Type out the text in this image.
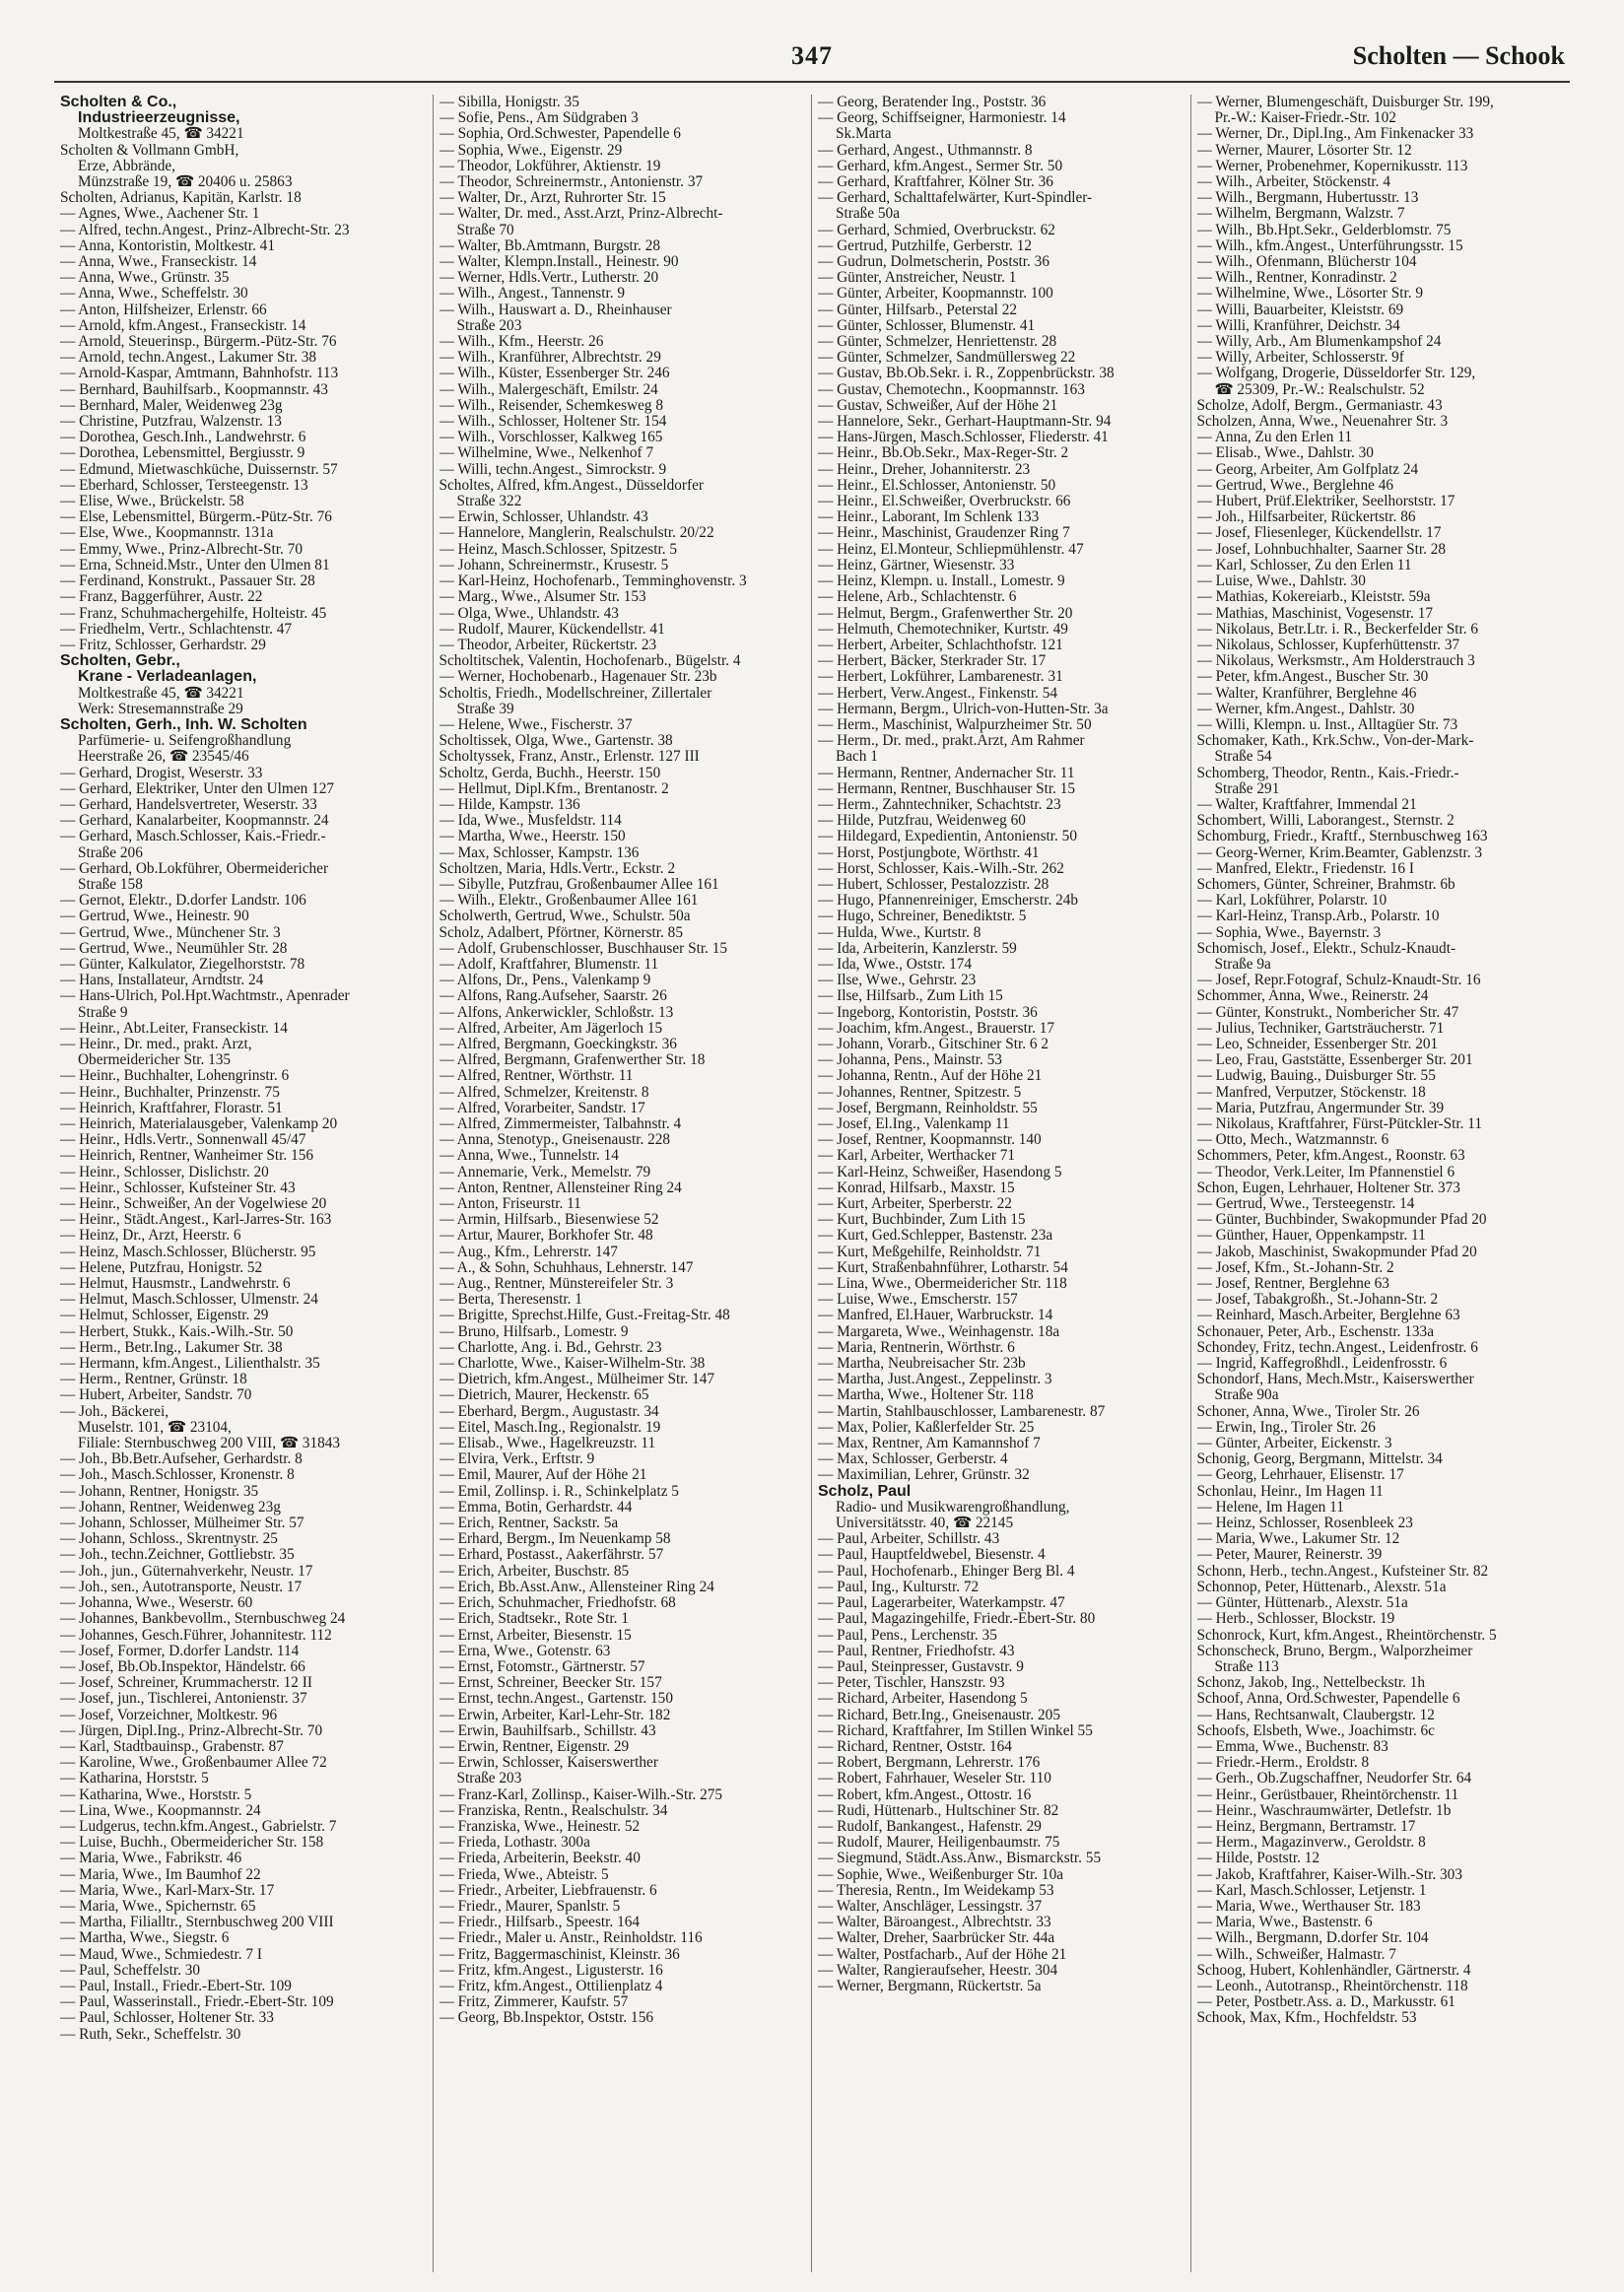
347	Scholten — Schook
Scholten & Co.,
Industrieerzeugnisse,
Moltkestraße 45, ☎ 34221
Scholten & Vollmann GmbH,
Erze, Abbrände,
Münzstraße 19, ☎ 20406 u. 25863
Scholten, Adrianus, Kapitän, Karlstr. 18
— Agnes, Wwe., Aachener Str. 1
— Alfred, techn.Angest., Prinz-Albrecht-Str. 23
— Anna, Kontoristin, Moltkestr. 41
— Anna, Wwe., Franseckistr. 14
— Anna, Wwe., Grünstr. 35
— Anna, Wwe., Scheffelstr. 30
— Anton, Hilfsheizer, Erlenstr. 66
— Arnold, kfm.Angest., Franseckistr. 14
— Arnold, Steuerinsp., Bürgerm.-Pütz-Str. 76
— Arnold, techn.Angest., Lakumer Str. 38
— Arnold-Kaspar, Amtmann, Bahnhofstr. 113
— Bernhard, Bauhilfsarb., Koopmannstr. 43
— Bernhard, Maler, Weidenweg 23g
— Christine, Putzfrau, Walzenstr. 13
— Dorothea, Gesch.Inh., Landwehrstr. 6
— Dorothea, Lebensmittel, Bergiusstr. 9
— Edmund, Mietwaschküche, Duissernstr. 57
— Eberhard, Schlosser, Tersteegenstr. 13
— Elise, Wwe., Brückelstr. 58
— Else, Lebensmittel, Bürgerm.-Pütz-Str. 76
— Else, Wwe., Koopmannstr. 131a
— Emmy, Wwe., Prinz-Albrecht-Str. 70
— Erna, Schneid.Mstr., Unter den Ulmen 81
— Ferdinand, Konstrukt., Passauer Str. 28
— Franz, Baggerführer, Austr. 22
— Franz, Schuhmachergehilfe, Holteistr. 45
— Friedhelm, Vertr., Schlachtenstr. 47
— Fritz, Schlosser, Gerhardstr. 29
Scholten, Gebr.,
Krane - Verladeanlagen,
Moltkestraße 45, ☎ 34221
Werk: Stresemannstraße 29
Scholten, Gerh., Inh. W. Scholten
Parfümerie- u. Seifengroßhandlung
Heerstraße 26, ☎ 23545/46
— Gerhard, Drogist, Weserstr. 33
— Gerhard, Elektriker, Unter den Ulmen 127
— Gerhard, Handelsvertreter, Weserstr. 33
— Gerhard, Kanalarbeiter, Koopmannstr. 24
— Gerhard, Masch.Schlosser, Kais.-Friedr.-
Straße 206
— Gerhard, Ob.Lokführer, Obermeidericher
Straße 158
— Gernot, Elektr., D.dorfer Landstr. 106
— Gertrud, Wwe., Heinestr. 90
— Gertrud, Wwe., Münchener Str. 3
— Gertrud, Wwe., Neumühler Str. 28
— Günter, Kalkulator, Ziegelhorststr. 78
— Hans, Installateur, Arndtstr. 24
— Hans-Ulrich, Pol.Hpt.Wachtmstr., Apenrader
Straße 9
— Heinr., Abt.Leiter, Franseckistr. 14
— Heinr., Dr. med., prakt. Arzt,
Obermeidericher Str. 135
— Heinr., Buchhalter, Lohengrinstr. 6
— Heinr., Buchhalter, Prinzenstr. 75
— Heinrich, Kraftfahrer, Florastr. 51
— Heinrich, Materialausgeber, Valenkamp 20
— Heinr., Hdls.Vertr., Sonnenwall 45/47
— Heinrich, Rentner, Wanheimer Str. 156
— Heinr., Schlosser, Dislichstr. 20
— Heinr., Schlosser, Kufsteiner Str. 43
— Heinr., Schweißer, An der Vogelwiese 20
— Heinr., Städt.Angest., Karl-Jarres-Str. 163
— Heinz, Dr., Arzt, Heerstr. 6
— Heinz, Masch.Schlosser, Blücherstr. 95
— Helene, Putzfrau, Honigstr. 52
— Helmut, Hausmstr., Landwehrstr. 6
— Helmut, Masch.Schlosser, Ulmenstr. 24
— Helmut, Schlosser, Eigenstr. 29
— Herbert, Stukk., Kais.-Wilh.-Str. 50
— Herm., Betr.Ing., Lakumer Str. 38
— Hermann, kfm.Angest., Lilienthalstr. 35
— Herm., Rentner, Grünstr. 18
— Hubert, Arbeiter, Sandstr. 70
— Joh., Bäckerei,
Muselstr. 101, ☎ 23104,
Filiale: Sternbuschweg 200 VIII, ☎ 31843
— Joh., Bb.Betr.Aufseher, Gerhardstr. 8
— Joh., Masch.Schlosser, Kronenstr. 8
— Johann, Rentner, Honigstr. 35
— Johann, Rentner, Weidenweg 23g
— Johann, Schlosser, Mülheimer Str. 57
— Johann, Schloss., Skrentnystr. 25
— Joh., techn.Zeichner, Gottliebstr. 35
— Joh., jun., Güternahverkehr, Neustr. 17
— Joh., sen., Autotransporte, Neustr. 17
— Johanna, Wwe., Weserstr. 60
— Johannes, Bankbevollm., Sternbuschweg 24
— Johannes, Gesch.Führer, Johannitestr. 112
— Josef, Former, D.dorfer Landstr. 114
— Josef, Bb.Ob.Inspektor, Händelstr. 66
— Josef, Schreiner, Krummacherstr. 12 II
— Josef, jun., Tischlerei, Antonienstr. 37
— Josef, Vorzeichner, Moltkestr. 96
— Jürgen, Dipl.Ing., Prinz-Albrecht-Str. 70
— Karl, Stadtbauinsp., Grabenstr. 87
— Karoline, Wwe., Großenbaumer Allee 72
— Katharina, Horststr. 5
— Katharina, Wwe., Horststr. 5
— Lina, Wwe., Koopmannstr. 24
— Ludgerus, techn.kfm.Angest., Gabrielstr. 7
— Luise, Buchh., Obermeidericher Str. 158
— Maria, Wwe., Fabrikstr. 46
— Maria, Wwe., Im Baumhof 22
— Maria, Wwe., Karl-Marx-Str. 17
— Maria, Wwe., Spichernstr. 65
— Martha, Filialltr., Sternbuschweg 200 VIII
— Martha, Wwe., Siegstr. 6
— Maud, Wwe., Schmiedestr. 7 I
— Paul, Scheffelstr. 30
— Paul, Install., Friedr.-Ebert-Str. 109
— Paul, Wasserinstall., Friedr.-Ebert-Str. 109
— Paul, Schlosser, Holtener Str. 33
— Ruth, Sekr., Scheffelstr. 30
— Sibilla, Honigstr. 35
— Sofie, Pens., Am Südgraben 3
— Sophia, Ord.Schwester, Papendelle 6
— Sophia, Wwe., Eigenstr. 29
— Theodor, Lokführer, Aktienstr. 19
— Theodor, Schreinermstr., Antonienstr. 37
— Walter, Dr., Arzt, Ruhrorter Str. 15
— Walter, Dr. med., Asst.Arzt, Prinz-Albrecht-
Straße 70
— Walter, Bb.Amtmann, Burgstr. 28
— Walter, Klempn.Install., Heinestr. 90
— Werner, Hdls.Vertr., Lutherstr. 20
— Wilh., Angest., Tannenstr. 9
— Wilh., Hauswart a. D., Rheinhauser
Straße 203
— Wilh., Kfm., Heerstr. 26
— Wilh., Kranführer, Albrechtstr. 29
— Wilh., Küster, Essenberger Str. 246
— Wilh., Malergeschäft, Emilstr. 24
— Wilh., Reisender, Schemkesweg 8
— Wilh., Schlosser, Holtener Str. 154
— Wilh., Vorschlosser, Kalkweg 165
— Wilhelmine, Wwe., Nelkenhof 7
— Willi, techn.Angest., Simrockstr. 9
Scholtes, Alfred, kfm.Angest., Düsseldorfer
Straße 322
— Erwin, Schlosser, Uhlandstr. 43
— Hannelore, Manglerin, Realschulstr. 20/22
— Heinz, Masch.Schlosser, Spitzestr. 5
— Johann, Schreinermstr., Krusestr. 5
— Karl-Heinz, Hochofenarb., Temminghovenstr. 3
— Marg., Wwe., Alsumer Str. 153
— Olga, Wwe., Uhlandstr. 43
— Rudolf, Maurer, Kückendellstr. 41
— Theodor, Arbeiter, Rückertstr. 23
Scholtitschek, Valentin, Hochofenarb., Bügelstr. 4
— Werner, Hochobenarb., Hagenauer Str. 23b
Scholtis, Friedh., Modellschreiner, Zillertaler
Straße 39
— Helene, Wwe., Fischerstr. 37
Scholtissek, Olga, Wwe., Gartenstr. 38
Scholtyssek, Franz, Anstr., Erlenstr. 127 III
Scholtz, Gerda, Buchh., Heerstr. 150
— Hellmut, Dipl.Kfm., Brentanostr. 2
— Hilde, Kampstr. 136
— Ida, Wwe., Musfeldstr. 114
— Martha, Wwe., Heerstr. 150
— Max, Schlosser, Kampstr. 136
Scholtzen, Maria, Hdls.Vertr., Eckstr. 2
— Sibylle, Putzfrau, Großenbaumer Allee 161
— Wilh., Elektr., Großenbaumer Allee 161
Scholwerth, Gertrud, Wwe., Schulstr. 50a
Scholz, Adalbert, Pförtner, Körnerstr. 85
— Adolf, Grubenschlosser, Buschhauser Str. 15
— Adolf, Kraftfahrer, Blumenstr. 11
— Alfons, Dr., Pens., Valenkamp 9
— Alfons, Rang.Aufseher, Saarstr. 26
— Alfons, Ankerwickler, Schloßstr. 13
— Alfred, Arbeiter, Am Jägerloch 15
— Alfred, Bergmann, Goeckingkstr. 36
— Alfred, Bergmann, Grafenwerther Str. 18
— Alfred, Rentner, Wörthstr. 11
— Alfred, Schmelzer, Kreitenstr. 8
— Alfred, Vorarbeiter, Sandstr. 17
— Alfred, Zimmermeister, Talbahnstr. 4
— Anna, Stenotyp., Gneisenaustr. 228
— Anna, Wwe., Tunnelstr. 14
— Annemarie, Verk., Memelstr. 79
— Anton, Rentner, Allensteiner Ring 24
— Anton, Friseurstr. 11
— Armin, Hilfsarb., Biesenwiese 52
— Artur, Maurer, Borkhofer Str. 48
— Aug., Kfm., Lehrerstr. 147
— A., & Sohn, Schuhhaus, Lehnerstr. 147
— Aug., Rentner, Münstereifeler Str. 3
— Berta, Theresenstr. 1
— Brigitte, Sprechst.Hilfe, Gust.-Freitag-Str. 48
— Bruno, Hilfsarb., Lomestr. 9
— Charlotte, Ang. i. Bd., Gehrstr. 23
— Charlotte, Wwe., Kaiser-Wilhelm-Str. 38
— Dietrich, kfm.Angest., Mülheimer Str. 147
— Dietrich, Maurer, Heckenstr. 65
— Eberhard, Bergm., Augustastr. 34
— Eitel, Masch.Ing., Regionalstr. 19
— Elisab., Wwe., Hagelkreuzstr. 11
— Elvira, Verk., Erftstr. 9
— Emil, Maurer, Auf der Höhe 21
— Emil, Zollinsp. i. R., Schinkelplatz 5
— Emma, Botin, Gerhardstr. 44
— Erich, Rentner, Sackstr. 5a
— Erhard, Bergm., Im Neuenkamp 58
— Erhard, Postasst., Aakerfährstr. 57
— Erich, Arbeiter, Buschstr. 85
— Erich, Bb.Asst.Anw., Allensteiner Ring 24
— Erich, Schuhmacher, Friedhofstr. 68
— Erich, Stadtsekr., Rote Str. 1
— Ernst, Arbeiter, Biesenstr. 15
— Erna, Wwe., Gotenstr. 63
— Ernst, Fotomstr., Gärtnerstr. 57
— Ernst, Schreiner, Beecker Str. 157
— Ernst, techn.Angest., Gartenstr. 150
— Erwin, Arbeiter, Karl-Lehr-Str. 182
— Erwin, Bauhilfsarb., Schillstr. 43
— Erwin, Rentner, Eigenstr. 29
— Erwin, Schlosser, Kaiserswerther
Straße 203
— Franz-Karl, Zollinsp., Kaiser-Wilh.-Str. 275
— Franziska, Rentn., Realschulstr. 34
— Franziska, Wwe., Heinestr. 52
— Frieda, Lothastr. 300a
— Frieda, Arbeiterin, Beekstr. 40
— Frieda, Wwe., Abteistr. 5
— Friedr., Arbeiter, Liebfrauenstr. 6
— Friedr., Maurer, Spanlstr. 5
— Friedr., Hilfsarb., Speestr. 164
— Friedr., Maler u. Anstr., Reinholdstr. 116
— Fritz, Baggermaschinist, Kleinstr. 36
— Fritz, kfm.Angest., Ligusterstr. 16
— Fritz, kfm.Angest., Ottilienplatz 4
— Fritz, Zimmerer, Kaufstr. 57
— Georg, Bb.Inspektor, Oststr. 156
— Georg, Beratender Ing., Poststr. 36
— Georg, Schiffseigner, Harmoniestr. 14
Sk.Marta
— Gerhard, Angest., Uthmannstr. 8
— Gerhard, kfm.Angest., Sermer Str. 50
— Gerhard, Kraftfahrer, Kölner Str. 36
— Gerhard, Schalttafelwärter, Kurt-Spindler-
Straße 50a
— Gerhard, Schmied, Overbruckstr. 62
— Gertrud, Putzhilfe, Gerberstr. 12
— Gudrun, Dolmetscherin, Poststr. 36
— Günter, Anstreicher, Neustr. 1
— Günter, Arbeiter, Koopmannstr. 100
— Günter, Hilfsarb., Peterstal 22
— Günter, Schlosser, Blumenstr. 41
— Günter, Schmelzer, Henriettenstr. 28
— Günter, Schmelzer, Sandmüllersweg 22
— Gustav, Bb.Ob.Sekr. i. R., Zoppenbrückstr. 38
— Gustav, Chemotechn., Koopmannstr. 163
— Gustav, Schweißer, Auf der Höhe 21
— Hannelore, Sekr., Gerhart-Hauptmann-Str. 94
— Hans-Jürgen, Masch.Schlosser, Fliederstr. 41
— Heinr., Bb.Ob.Sekr., Max-Reger-Str. 2
— Heinr., Dreher, Johanniterstr. 23
— Heinr., El.Schlosser, Antonienstr. 50
— Heinr., El.Schweißer, Overbruckstr. 66
— Heinr., Laborant, Im Schlenk 133
— Heinr., Maschinist, Graudenzer Ring 7
— Heinz, El.Monteur, Schliepmühlenstr. 47
— Heinz, Gärtner, Wiesenstr. 33
— Heinz, Klempn. u. Install., Lomestr. 9
— Helene, Arb., Schlachtenstr. 6
— Helmut, Bergm., Grafenwerther Str. 20
— Helmuth, Chemotechniker, Kurtstr. 49
— Herbert, Arbeiter, Schlachthofstr. 121
— Herbert, Bäcker, Sterkrader Str. 17
— Herbert, Lokführer, Lambarenestr. 31
— Herbert, Verw.Angest., Finkenstr. 54
— Hermann, Bergm., Ulrich-von-Hutten-Str. 3a
— Herm., Maschinist, Walpurzheimer Str. 50
— Herm., Dr. med., prakt.Arzt, Am Rahmer
Bach 1
— Hermann, Rentner, Andernacher Str. 11
— Hermann, Rentner, Buschhauser Str. 15
— Herm., Zahntechniker, Schachtstr. 23
— Hilde, Putzfrau, Weidenweg 60
— Hildegard, Expedientin, Antonienstr. 50
— Horst, Postjungbote, Wörthstr. 41
— Horst, Schlosser, Kais.-Wilh.-Str. 262
— Hubert, Schlosser, Pestalozzistr. 28
— Hugo, Pfannenreiniger, Emscherstr. 24b
— Hugo, Schreiner, Benediktstr. 5
— Hulda, Wwe., Kurtstr. 8
— Ida, Arbeiterin, Kanzlerstr. 59
— Ida, Wwe., Oststr. 174
— Ilse, Wwe., Gehrstr. 23
— Ilse, Hilfsarb., Zum Lith 15
— Ingeborg, Kontoristin, Poststr. 36
— Joachim, kfm.Angest., Brauerstr. 17
— Johann, Vorarb., Gitschiner Str. 6 2
— Johanna, Pens., Mainstr. 53
— Johanna, Rentn., Auf der Höhe 21
— Johannes, Rentner, Spitzestr. 5
— Josef, Bergmann, Reinholdstr. 55
— Josef, El.Ing., Valenkamp 11
— Josef, Rentner, Koopmannstr. 140
— Karl, Arbeiter, Werthacker 71
— Karl-Heinz, Schweißer, Hasendong 5
— Konrad, Hilfsarb., Maxstr. 15
— Kurt, Arbeiter, Sperberstr. 22
— Kurt, Buchbinder, Zum Lith 15
— Kurt, Ged.Schlepper, Bastenstr. 23a
— Kurt, Meßgehilfe, Reinholdstr. 71
— Kurt, Straßenbahnführer, Lotharstr. 54
— Lina, Wwe., Obermeidericher Str. 118
— Luise, Wwe., Emscherstr. 157
— Manfred, El.Hauer, Warbruckstr. 14
— Margareta, Wwe., Weinhagenstr. 18a
— Maria, Rentnerin, Wörthstr. 6
— Martha, Neubreisacher Str. 23b
— Martha, Just.Angest., Zeppelinstr. 3
— Martha, Wwe., Holtener Str. 118
— Martin, Stahlbauschlosser, Lambarenestr. 87
— Max, Polier, Kaßlerfelder Str. 25
— Max, Rentner, Am Kamannshof 7
— Max, Schlosser, Gerberstr. 4
— Maximilian, Lehrer, Grünstr. 32
Scholz, Paul
Radio- und Musikwarengroßhandlung,
Universitätsstr. 40, ☎ 22145
— Paul, Arbeiter, Schillstr. 43
— Paul, Hauptfeldwebel, Biesenstr. 4
— Paul, Hochofenarb., Ehinger Berg Bl. 4
— Paul, Ing., Kulturstr. 72
— Paul, Lagerarbeiter, Waterkampstr. 47
— Paul, Magazingehilfe, Friedr.-Ebert-Str. 80
— Paul, Pens., Lerchenstr. 35
— Paul, Rentner, Friedhofstr. 43
— Paul, Steinpresser, Gustavstr. 9
— Peter, Tischler, Hanszstr. 93
— Richard, Arbeiter, Hasendong 5
— Richard, Betr.Ing., Gneisenaustr. 205
— Richard, Kraftfahrer, Im Stillen Winkel 55
— Richard, Rentner, Oststr. 164
— Robert, Bergmann, Lehrerstr. 176
— Robert, Fahrhauer, Weseler Str. 110
— Robert, kfm.Angest., Ottostr. 16
— Rudi, Hüttenarb., Hultschiner Str. 82
— Rudolf, Bankangest., Hafenstr. 29
— Rudolf, Maurer, Heiligenbaumstr. 75
— Siegmund, Städt.Ass.Anw., Bismarckstr. 55
— Sophie, Wwe., Weißenburger Str. 10a
— Theresia, Rentn., Im Weidekamp 53
— Walter, Anschläger, Lessingstr. 37
— Walter, Bäroangest., Albrechtstr. 33
— Walter, Dreher, Saarbrücker Str. 44a
— Walter, Postfacharb., Auf der Höhe 21
— Walter, Rangieraufseher, Heestr. 304
— Werner, Bergmann, Rückertstr. 5a
— Werner, Blumengeschäft, Duisburger Str. 199,
Pr.-W.: Kaiser-Friedr.-Str. 102
— Werner, Dr., Dipl.Ing., Am Finkenacker 33
— Werner, Maurer, Lösorter Str. 12
— Werner, Probenehmer, Kopernikusstr. 113
— Wilh., Arbeiter, Stöckenstr. 4
— Wilh., Bergmann, Hubertusstr. 13
— Wilhelm, Bergmann, Walzstr. 7
— Wilh., Bb.Hpt.Sekr., Gelderblomstr. 75
— Wilh., kfm.Angest., Unterführungsstr. 15
— Wilh., Ofenmann, Blücherstr 104
— Wilh., Rentner, Konradinstr. 2
— Wilhelmine, Wwe., Lösorter Str. 9
— Willi, Bauarbeiter, Kleiststr. 69
— Willi, Kranführer, Deichstr. 34
— Willy, Arb., Am Blumenkampshof 24
— Willy, Arbeiter, Schlosserstr. 9f
— Wolfgang, Drogerie, Düsseldorfer Str. 129,
☎ 25309, Pr.-W.: Realschulstr. 52
Scholze, Adolf, Bergm., Germaniastr. 43
Scholzen, Anna, Wwe., Neuenahrer Str. 3
— Anna, Zu den Erlen 11
— Elisab., Wwe., Dahlstr. 30
— Georg, Arbeiter, Am Golfplatz 24
— Gertrud, Wwe., Berglehne 46
— Hubert, Prüf.Elektriker, Seelhorststr. 17
— Joh., Hilfsarbeiter, Rückertstr. 86
— Josef, Fliesenleger, Kückendellstr. 17
— Josef, Lohnbuchhalter, Saarner Str. 28
— Karl, Schlosser, Zu den Erlen 11
— Luise, Wwe., Dahlstr. 30
— Mathias, Kokereiarb., Kleiststr. 59a
— Mathias, Maschinist, Vogesenstr. 17
— Nikolaus, Betr.Ltr. i. R., Beckerfelder Str. 6
— Nikolaus, Schlosser, Kupferhüttenstr. 37
— Nikolaus, Werksmstr., Am Holderstrauch 3
— Peter, kfm.Angest., Buscher Str. 30
— Walter, Kranführer, Berglehne 46
— Werner, kfm.Angest., Dahlstr. 30
— Willi, Klempn. u. Inst., Alltagüer Str. 73
Schomaker, Kath., Krk.Schw., Von-der-Mark-
Straße 54
Schomberg, Theodor, Rentn., Kais.-Friedr.-
Straße 291
— Walter, Kraftfahrer, Immendal 21
Schombert, Willi, Laborangest., Sternstr. 2
Schomburg, Friedr., Kraftf., Sternbuschweg 163
— Georg-Werner, Krim.Beamter, Gablenzstr. 3
— Manfred, Elektr., Friedenstr. 16 I
Schomers, Günter, Schreiner, Brahmstr. 6b
— Karl, Lokführer, Polarstr. 10
— Karl-Heinz, Transp.Arb., Polarstr. 10
— Sophia, Wwe., Bayernstr. 3
Schomisch, Josef., Elektr., Schulz-Knaudt-
Straße 9a
— Josef, Repr.Fotograf, Schulz-Knaudt-Str. 16
Schommer, Anna, Wwe., Reinerstr. 24
— Günter, Konstrukt., Nombericher Str. 47
— Julius, Techniker, Gartsträucherstr. 71
— Leo, Schneider, Essenberger Str. 201
— Leo, Frau, Gaststätte, Essenberger Str. 201
— Ludwig, Bauing., Duisburger Str. 55
— Manfred, Verputzer, Stöckenstr. 18
— Maria, Putzfrau, Angermunder Str. 39
— Nikolaus, Kraftfahrer, Fürst-Pütckler-Str. 11
— Otto, Mech., Watzmannstr. 6
Schommers, Peter, kfm.Angest., Roonstr. 63
— Theodor, Verk.Leiter, Im Pfannenstiel 6
Schon, Eugen, Lehrhauer, Holtener Str. 373
— Gertrud, Wwe., Tersteegenstr. 14
— Günter, Buchbinder, Swakopmunder Pfad 20
— Günther, Hauer, Oppenkampstr. 11
— Jakob, Maschinist, Swakopmunder Pfad 20
— Josef, Kfm., St.-Johann-Str. 2
— Josef, Rentner, Berglehne 63
— Josef, Tabakgroßh., St.-Johann-Str. 2
— Reinhard, Masch.Arbeiter, Berglehne 63
Schonauer, Peter, Arb., Eschenstr. 133a
Schondey, Fritz, techn.Angest., Leidenfrostr. 6
— Ingrid, Kaffegroßhdl., Leidenfrosstr. 6
Schondorf, Hans, Mech.Mstr., Kaiserswerther
Straße 90a
Schoner, Anna, Wwe., Tiroler Str. 26
— Erwin, Ing., Tiroler Str. 26
— Günter, Arbeiter, Eickenstr. 3
Schonig, Georg, Bergmann, Mittelstr. 34
— Georg, Lehrhauer, Elisenstr. 17
Schonlau, Heinr., Im Hagen 11
— Helene, Im Hagen 11
— Heinz, Schlosser, Rosenbleek 23
— Maria, Wwe., Lakumer Str. 12
— Peter, Maurer, Reinerstr. 39
Schonn, Herb., techn.Angest., Kufsteiner Str. 82
Schonnop, Peter, Hüttenarb., Alexstr. 51a
— Günter, Hüttenarb., Alexstr. 51a
— Herb., Schlosser, Blockstr. 19
Schonrock, Kurt, kfm.Angest., Rheintörchenstr. 5
Schonscheck, Bruno, Bergm., Walporzheimer
Straße 113
Schonz, Jakob, Ing., Nettelbeckstr. 1h
Schoof, Anna, Ord.Schwester, Papendelle 6
— Hans, Rechtsanwalt, Claubergstr. 12
Schoofs, Elsbeth, Wwe., Joachimstr. 6c
— Emma, Wwe., Buchenstr. 83
— Friedr.-Herm., Eroldstr. 8
— Gerh., Ob.Zugschaffner, Neudorfer Str. 64
— Heinr., Gerüstbauer, Rheintörchenstr. 11
— Heinr., Waschraumwärter, Detlefstr. 1b
— Heinz, Bergmann, Bertramstr. 17
— Herm., Magazinverw., Geroldstr. 8
— Hilde, Poststr. 12
— Jakob, Kraftfahrer, Kaiser-Wilh.-Str. 303
— Karl, Masch.Schlosser, Letjenstr. 1
— Maria, Wwe., Werthauser Str. 183
— Maria, Wwe., Bastenstr. 6
— Wilh., Bergmann, D.dorfer Str. 104
— Wilh., Schweißer, Halmastr. 7
Schoog, Hubert, Kohlenhändler, Gärtnerstr. 4
— Leonh., Autotransp., Rheintörchenstr. 118
— Peter, Postbetr.Ass. a. D., Markusstr. 61
Schook, Max, Kfm., Hochfeldstr. 53
